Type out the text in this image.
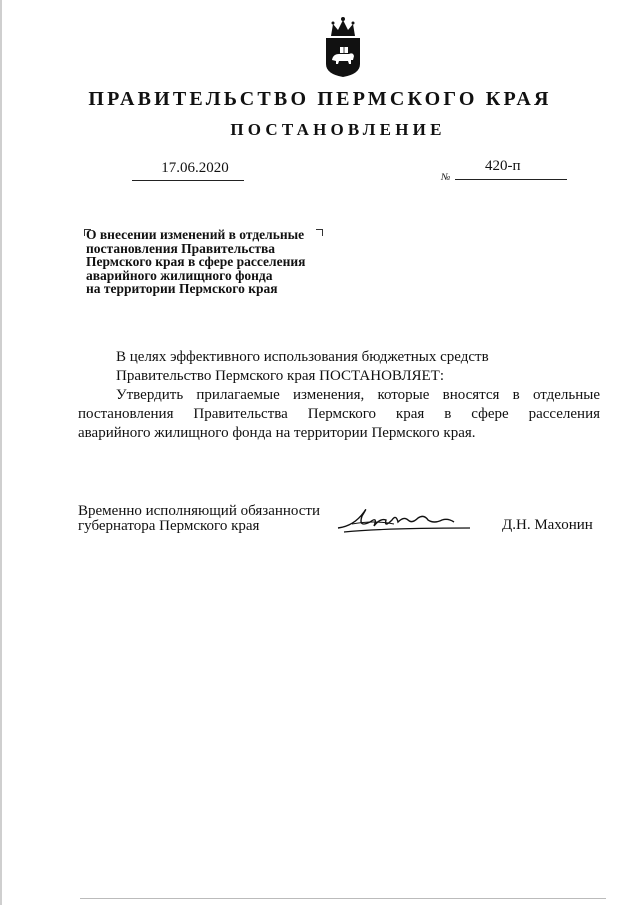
ПРАВИТЕЛЬСТВО ПЕРМСКОГО КРАЯ
ПОСТАНОВЛЕНИЕ
17.06.2020
№
420-п
О внесении изменений в отдельные
постановления Правительства
Пермского края в сфере расселения
аварийного жилищного фонда
на территории Пермского края
В целях эффективного использования бюджетных средств
Правительство Пермского края ПОСТАНОВЛЯЕТ:
Утвердить прилагаемые изменения, которые вносятся в отдельные
постановления Правительства Пермского края в сфере расселения
аварийного жилищного фонда на территории Пермского края.
Временно исполняющий обязанности
губернатора Пермского края	Д.Н. Махонин
